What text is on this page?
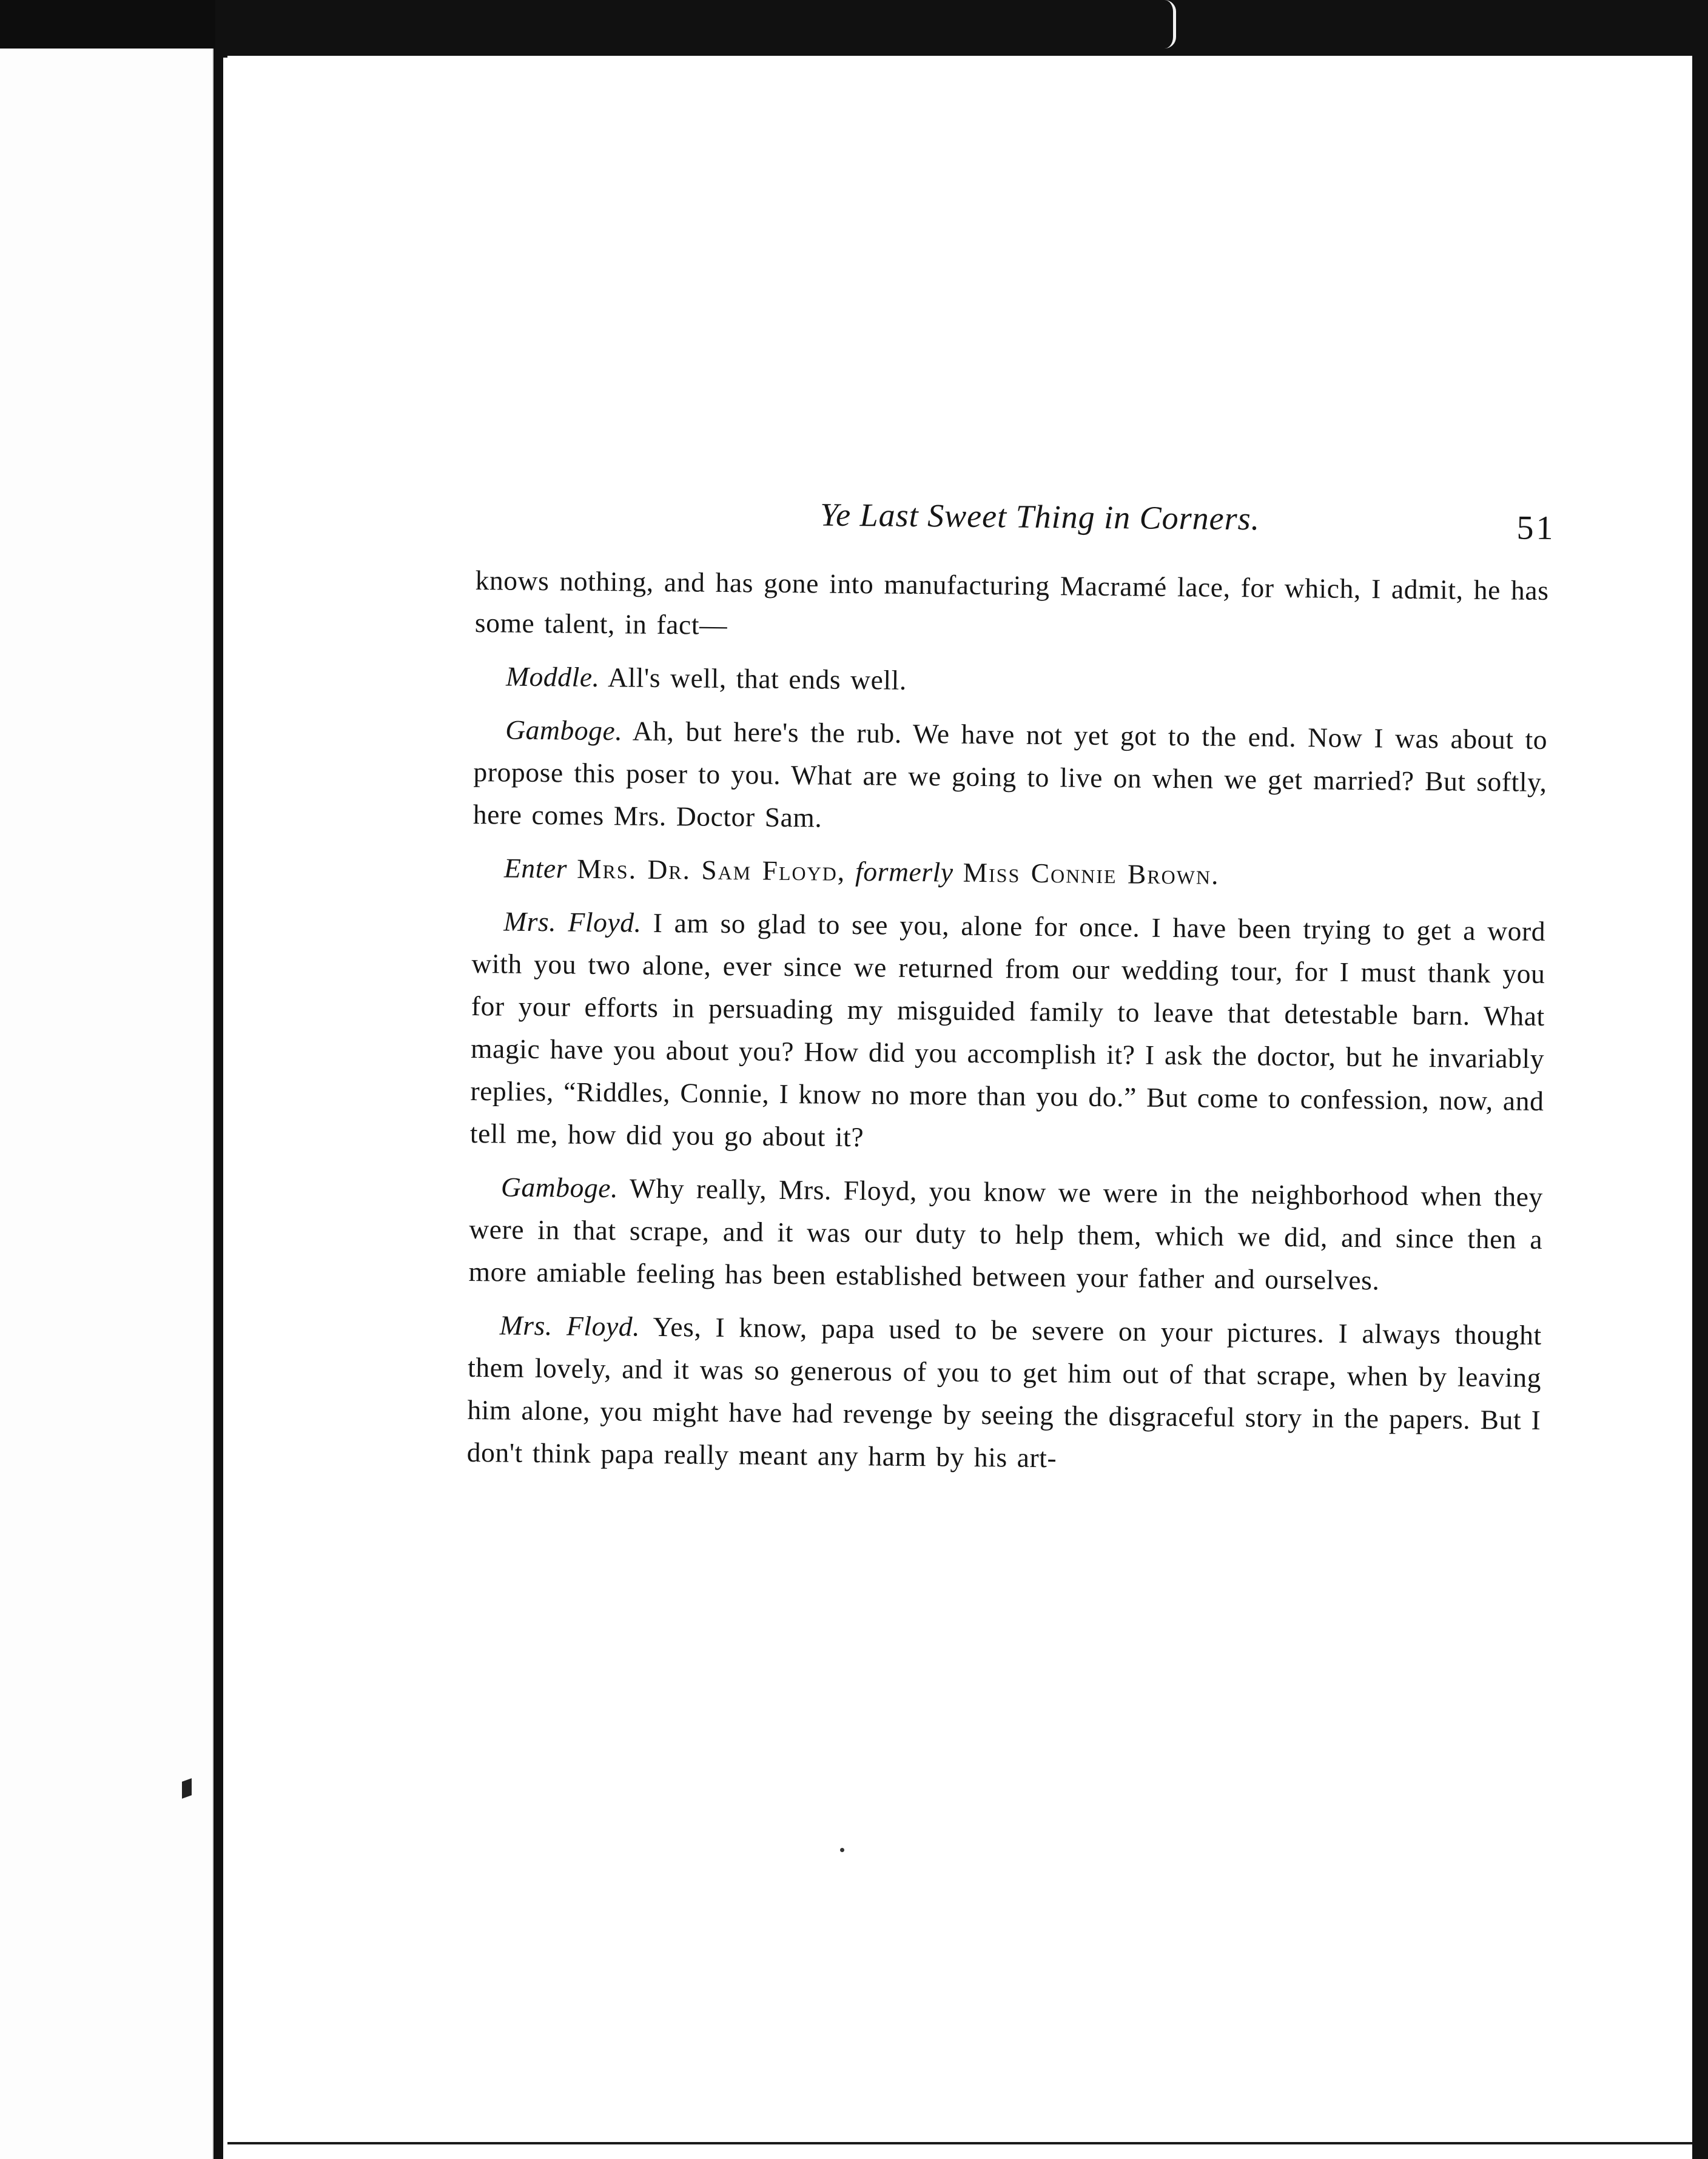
Ye Last Sweet Thing in Corners.	51

knows nothing, and has gone into manufacturing Macramé lace, for which, I admit, he has some talent, in fact—

Moddle. All's well, that ends well.

Gamboge. Ah, but here's the rub. We have not yet got to the end. Now I was about to propose this poser to you. What are we going to live on when we get married? But softly, here comes Mrs. Doctor Sam.

Enter Mrs. Dr. Sam Floyd, formerly Miss Connie Brown.

Mrs. Floyd. I am so glad to see you, alone for once. I have been trying to get a word with you two alone, ever since we returned from our wedding tour, for I must thank you for your efforts in persuading my misguided family to leave that detestable barn. What magic have you about you? How did you accomplish it? I ask the doctor, but he invariably replies, “Riddles, Connie, I know no more than you do.” But come to confession, now, and tell me, how did you go about it?

Gamboge. Why really, Mrs. Floyd, you know we were in the neighborhood when they were in that scrape, and it was our duty to help them, which we did, and since then a more amiable feeling has been established between your father and ourselves.

Mrs. Floyd. Yes, I know, papa used to be severe on your pictures. I always thought them lovely, and it was so generous of you to get him out of that scrape, when by leaving him alone, you might have had revenge by seeing the disgraceful story in the papers. But I don't think papa really meant any harm by his art-
